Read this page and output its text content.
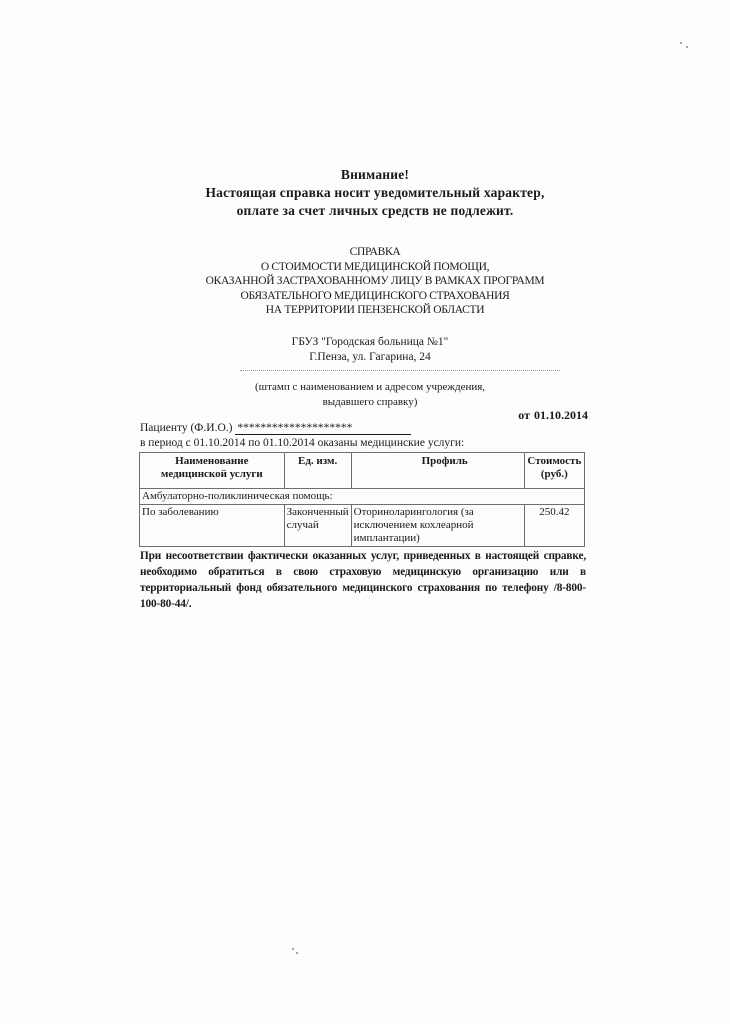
Внимание!
Настоящая справка носит уведомительный характер,
оплате за счет личных средств не подлежит.
СПРАВКА
О СТОИМОСТИ МЕДИЦИНСКОЙ ПОМОЩИ,
ОКАЗАННОЙ ЗАСТРАХОВАННОМУ ЛИЦУ В РАМКАХ ПРОГРАММ
ОБЯЗАТЕЛЬНОГО МЕДИЦИНСКОГО СТРАХОВАНИЯ
НА ТЕРРИТОРИИ ПЕНЗЕНСКОЙ ОБЛАСТИ
ГБУЗ "Городская больница №1"
Г.Пенза, ул. Гагарина, 24
(штамп с наименованием и адресом учреждения,
выдавшего справку)
от 01.10.2014
Пациенту (Ф.И.О.) ********************
в период с 01.10.2014 по 01.10.2014 оказаны медицинские услуги:
Наименование медицинской услуги	Ед. изм.	Профиль	Стоимость (руб.)
Амбулаторно-поликлиническая помощь:			
По заболеванию	Законченный случай	Оториноларингология (за исключением кохлеарной имплантации)	250.42
При несоответствии фактически оказанных услуг, приведенных в настоящей справке, необходимо обратиться в свою страховую медицинскую организацию или в территориальный фонд обязательного медицинского страхования по телефону /8-800-100-80-44/.
